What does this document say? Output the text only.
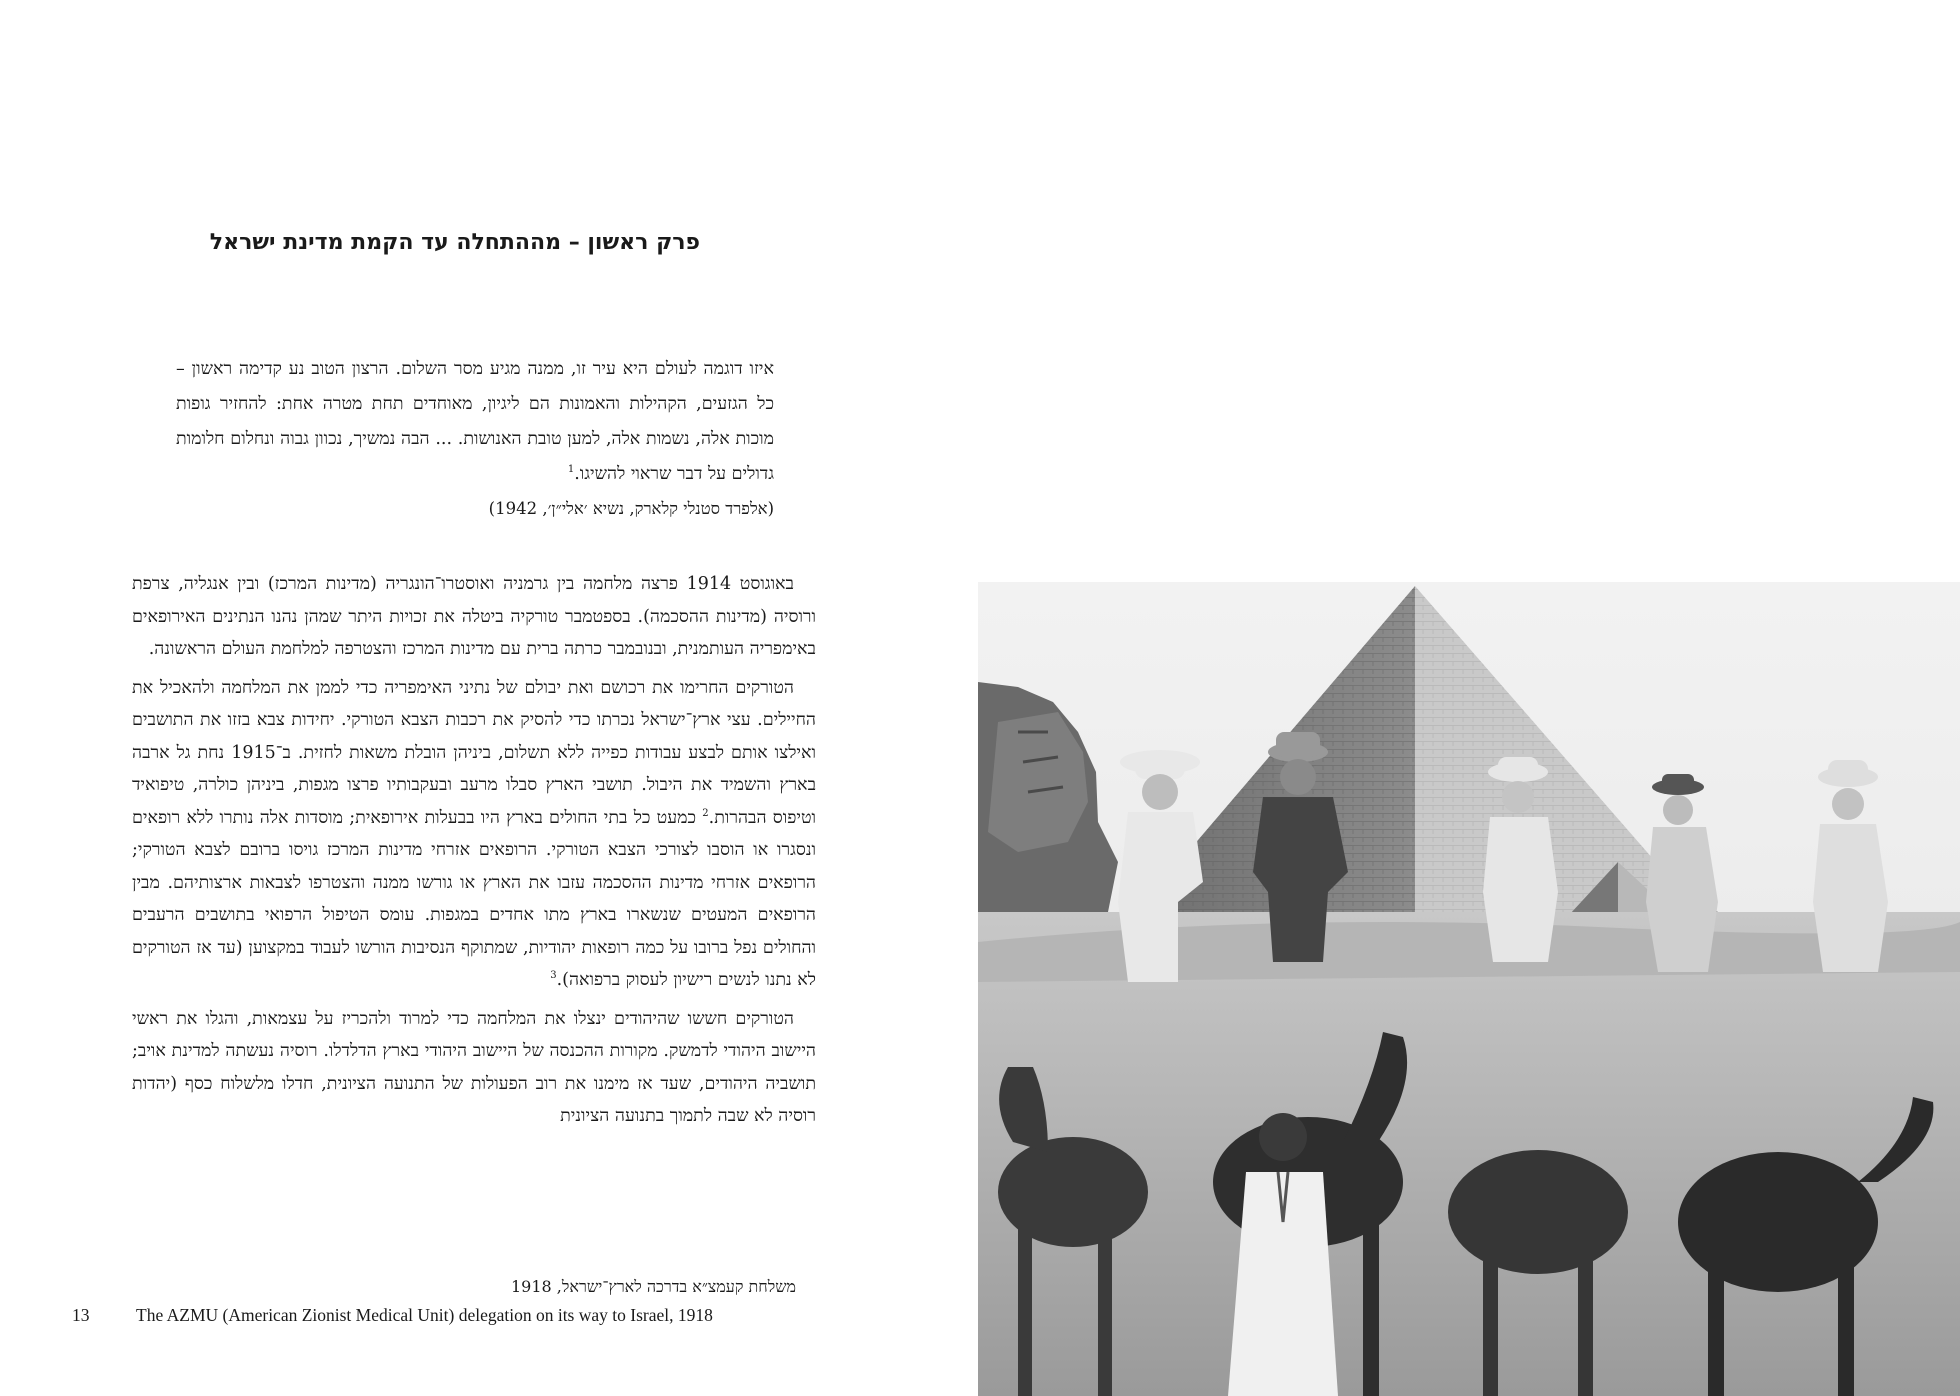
פרק ראשון – מההתחלה עד הקמת מדינת ישראל
איזו דוגמה לעולם היא עיר זו, ממנה מגיע מסר השלום. הרצון הטוב נע קדימה ראשון – כל הגזעים, הקהילות והאמונות הם ליגיון, מאוחדים תחת מטרה אחת: להחזיר גופות מוכות אלה, נשמות אלה, למען טובת האנושות. ... הבה נמשיך, נכוון גבוה ונחלום חלומות גדולים על דבר שראוי להשיגו.$^1$
(אלפרד סטנלי קלארק, נשיא ׳אלי״ן׳, 1942)

באוגוסט 1914 פרצה מלחמה בין גרמניה ואוסטרו־הונגריה (מדינות המרכז) ובין אנגליה, צרפת ורוסיה (מדינות ההסכמה). בספטמבר טורקיה ביטלה את זכויות היתר שמהן נהנו הנתינים האירופאים באימפריה העותמנית, ובנובמבר כרתה ברית עם מדינות המרכז והצטרפה למלחמת העולם הראשונה.

הטורקים החרימו את רכושם ואת יבולם של נתיני האימפריה כדי לממן את המלחמה ולהאכיל את החיילים. עצי ארץ־ישראל נכרתו כדי להסיק את רכבות הצבא הטורקי. יחידות צבא בזזו את התושבים ואילצו אותם לבצע עבודות כפייה ללא תשלום, ביניהן הובלת משאות לחזית. ב־1915 נחת גל ארבה בארץ והשמיד את היבול. תושבי הארץ סבלו מרעב ובעקבותיו פרצו מגפות, ביניהן כולרה, טיפואיד וטיפוס הבהרות.$^2$ כמעט כל בתי החולים בארץ היו בבעלות אירופאית; מוסדות אלה נותרו ללא רופאים ונסגרו או הוסבו לצורכי הצבא הטורקי. הרופאים אזרחי מדינות המרכז גויסו ברובם לצבא הטורקי; הרופאים אזרחי מדינות ההסכמה עזבו את הארץ או גורשו ממנה והצטרפו לצבאות ארצותיהם. מבין הרופאים המעטים שנשארו בארץ מתו אחדים במגפות. עומס הטיפול הרפואי בתושבים הרעבים והחולים נפל ברובו על כמה רופאות יהודיות, שמתוקף הנסיבות הורשו לעבוד במקצוען (עד אז הטורקים לא נתנו לנשים רישיון לעסוק ברפואה).$^3$

הטורקים חששו שהיהודים ינצלו את המלחמה כדי למרוד ולהכריז על עצמאות, והגלו את ראשי היישוב היהודי לדמשק. מקורות ההכנסה של היישוב היהודי בארץ הדלדלו. רוסיה נעשתה למדינת אויב; תושביה היהודים, שעד אז מימנו את רוב הפעולות של התנועה הציונית, חדלו מלשלוח כסף (יהדות רוסיה לא שבה לתמוך בתנועה הציונית

משלחת קעמצ״א בדרכה לארץ־ישראל, 1918
13	The AZMU (American Zionist Medical Unit) delegation on its way to Israel, 1918
